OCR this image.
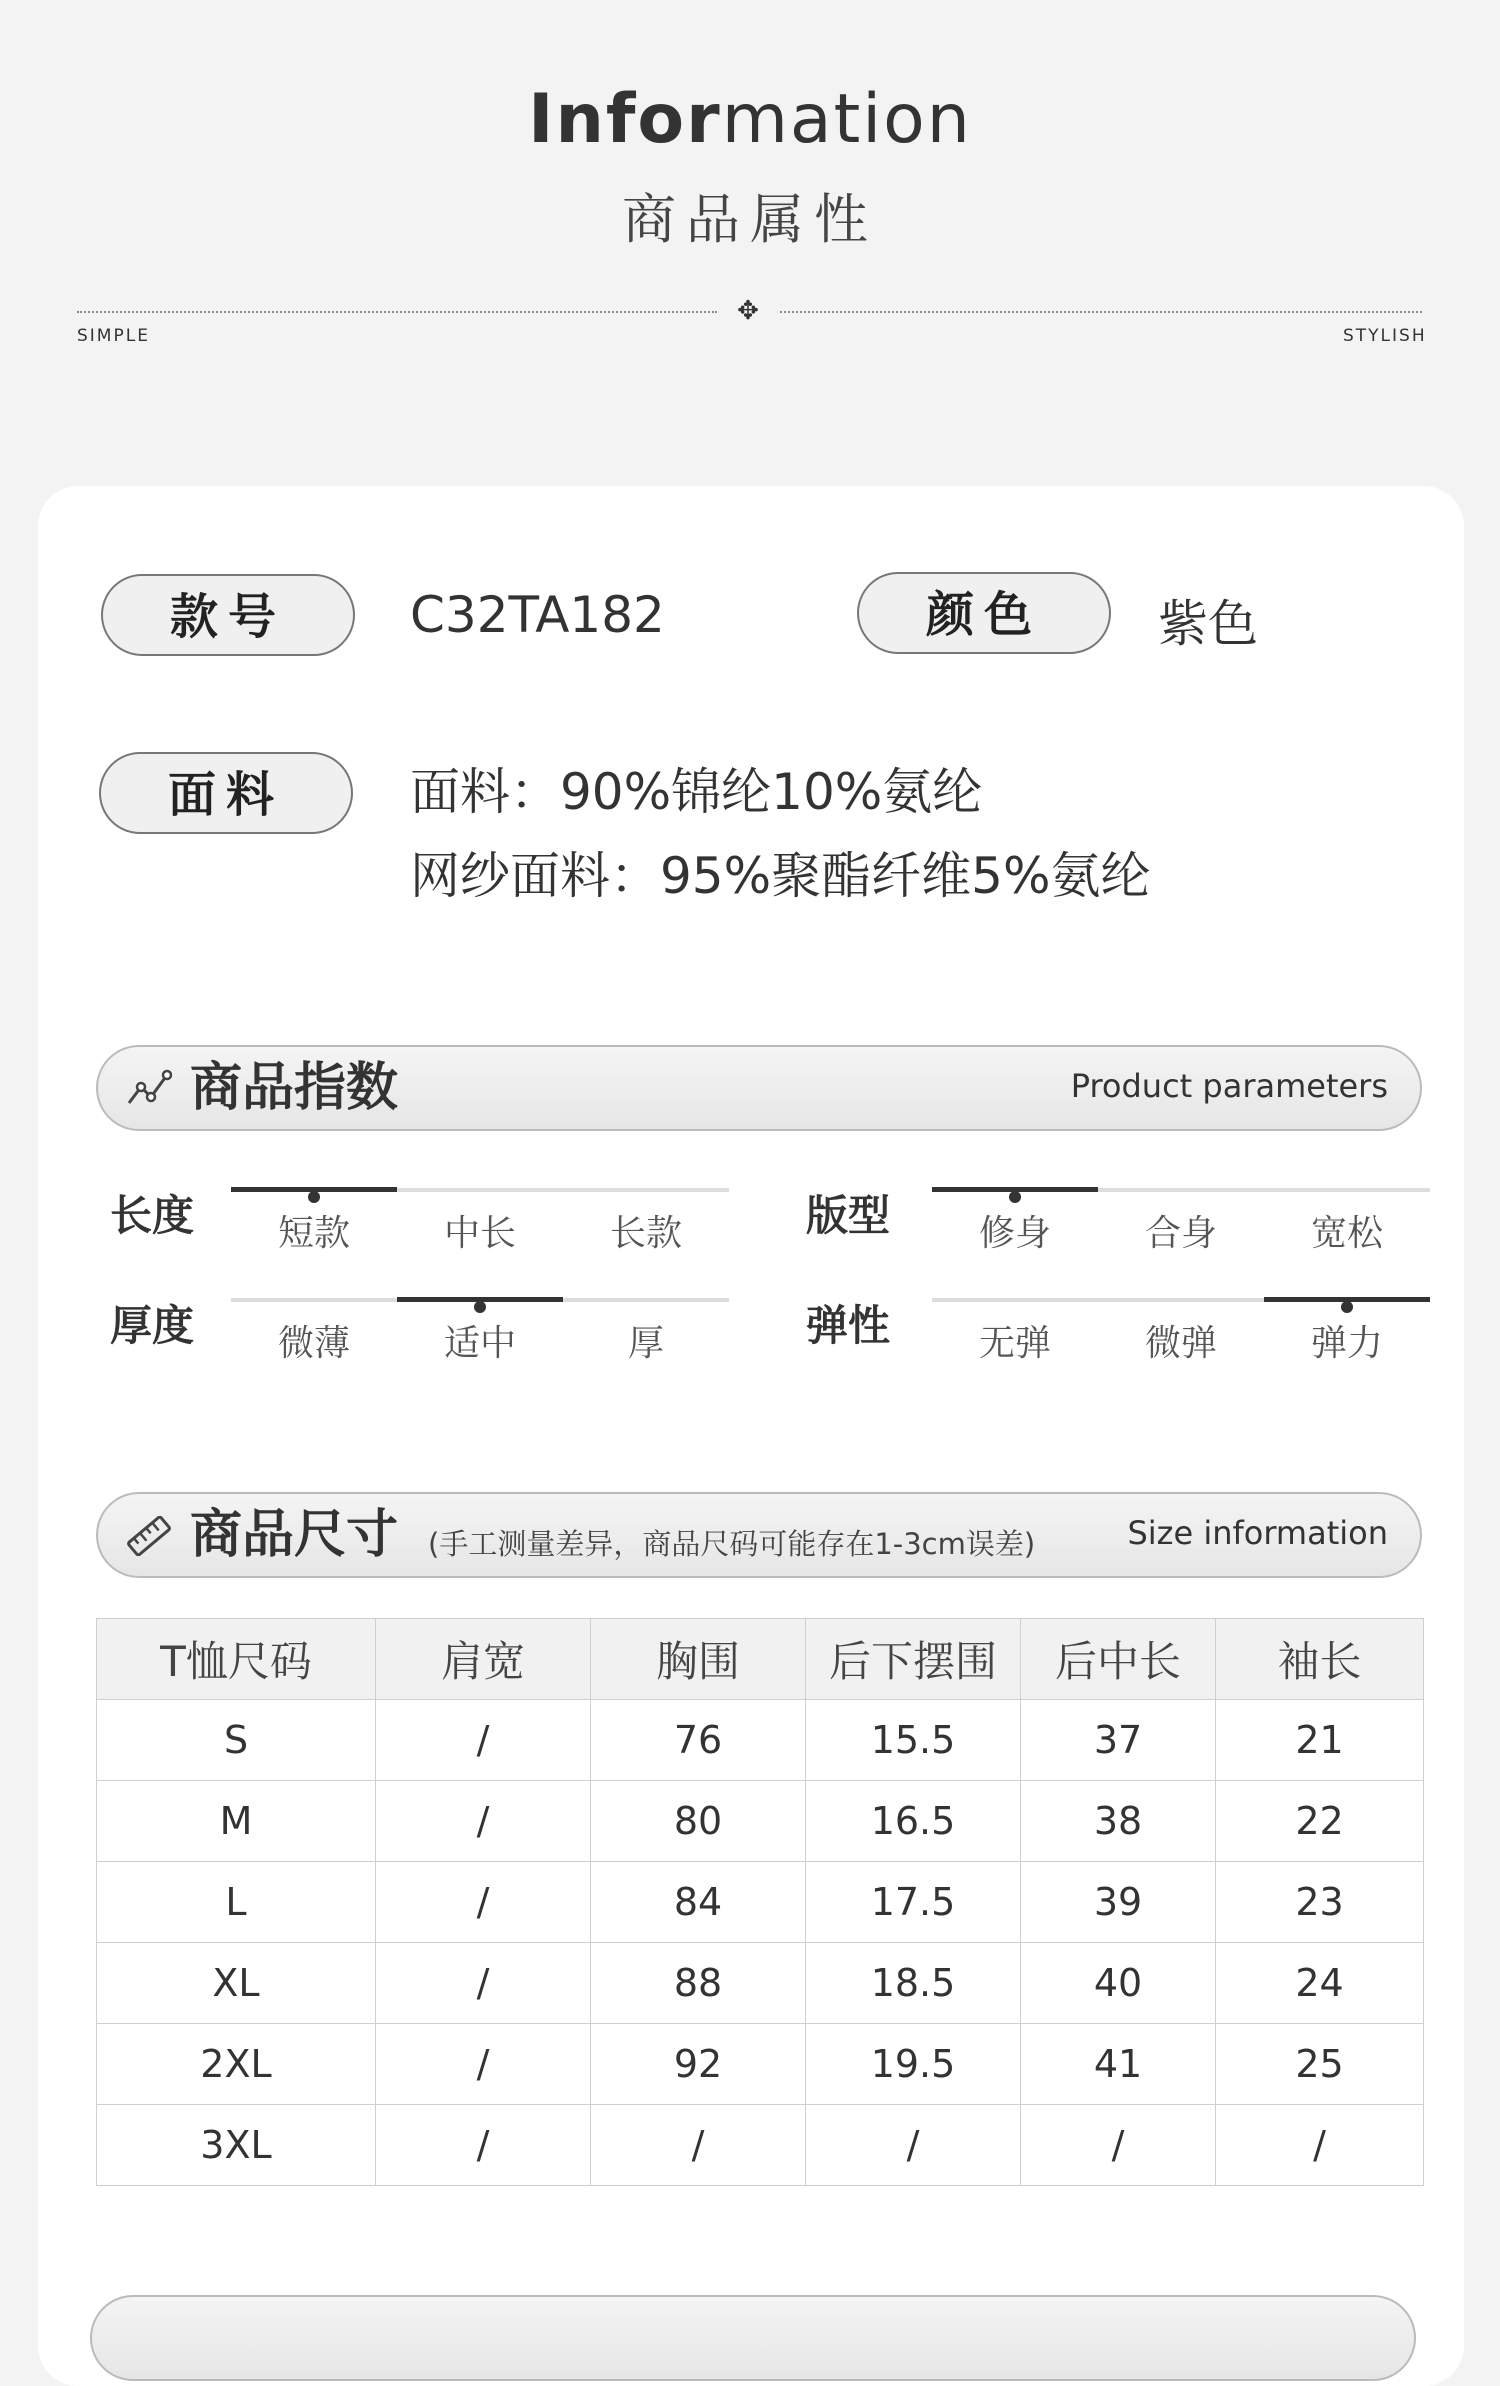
Information
商品属性
✥
SIMPLE	STYLISH
款号	C32TA182	颜色	紫色
面料	面料：90%锦纶10%氨纶
网纱面料：95%聚酯纤维5%氨纶
商品指数	Product parameters
长度	短款	中长	长款	版型	修身	合身	宽松
厚度	微薄	适中	厚	弹性	无弹	微弹	弹力
商品尺寸 (手工测量差异，商品尺码可能存在1-3cm误差)	Size information
T恤尺码	肩宽	胸围	后下摆围	后中长	袖长
S	/	76	15.5	37	21
M	/	80	16.5	38	22
L	/	84	17.5	39	23
XL	/	88	18.5	40	24
2XL	/	92	19.5	41	25
3XL	/	/	/	/	/
